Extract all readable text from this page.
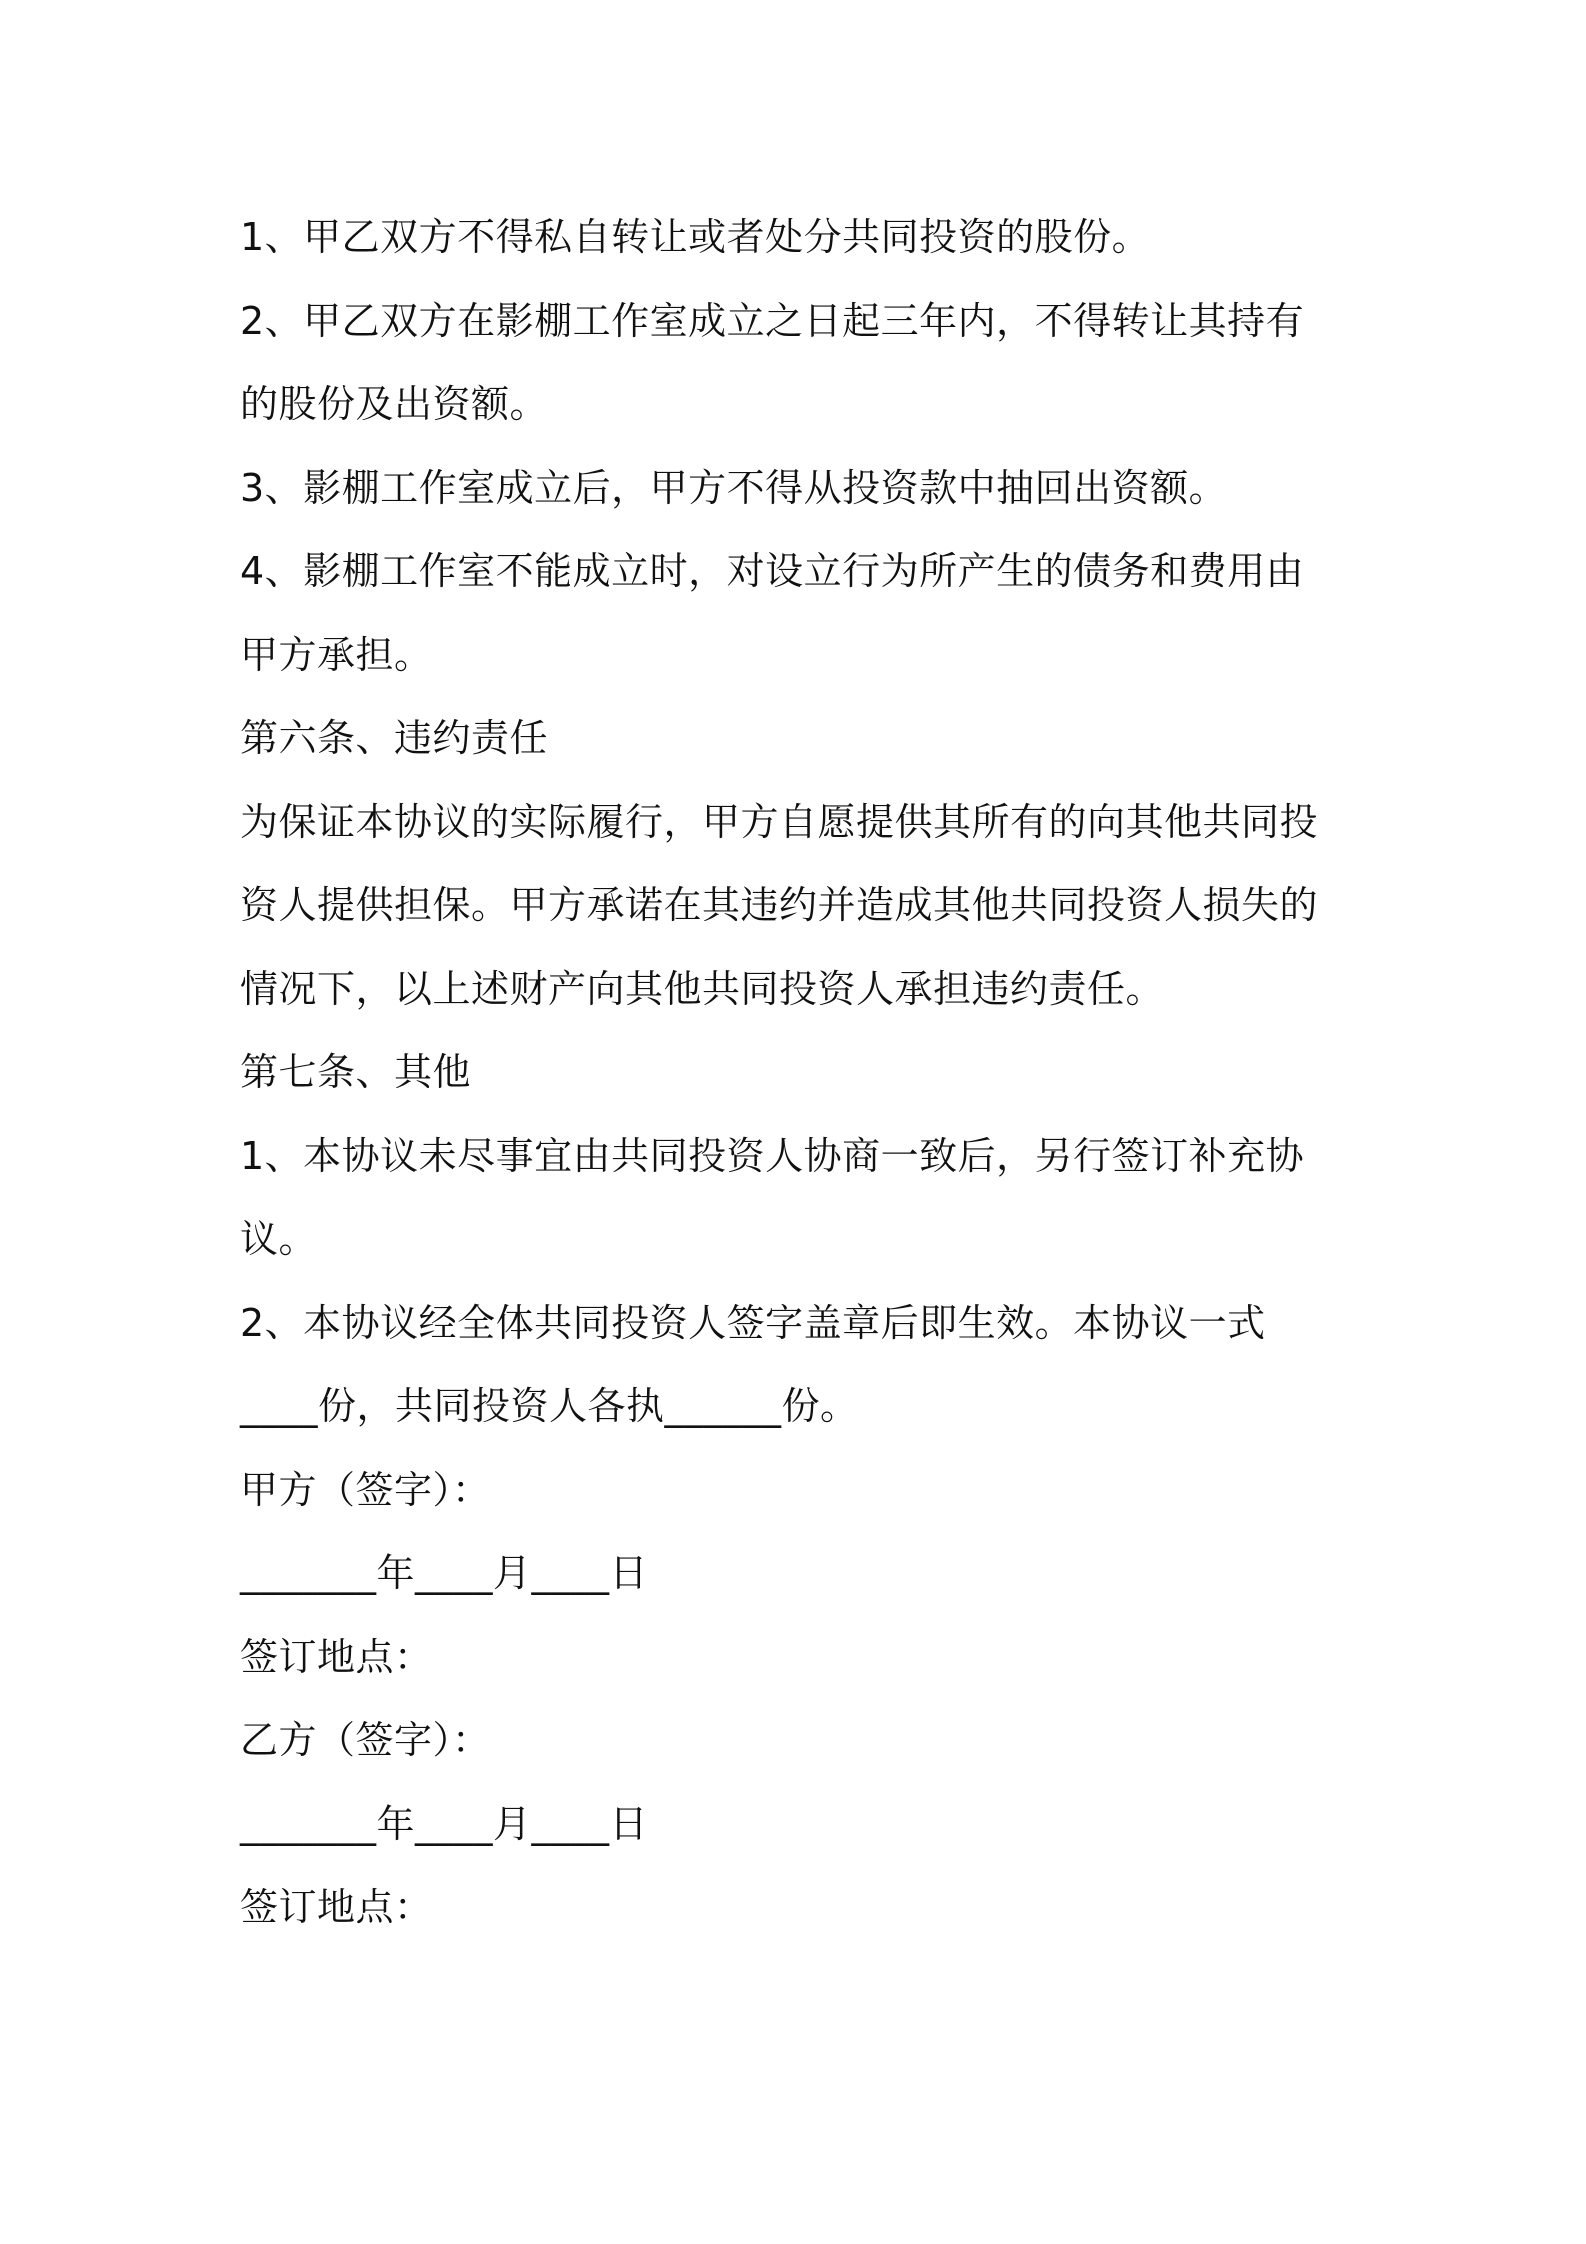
1、甲乙双方不得私自转让或者处分共同投资的股份。

2、甲乙双方在影棚工作室成立之日起三年内，不得转让其持有

的股份及出资额。

3、影棚工作室成立后，甲方不得从投资款中抽回出资额。

4、影棚工作室不能成立时，对设立行为所产生的债务和费用由

甲方承担。

第六条、违约责任

为保证本协议的实际履行，甲方自愿提供其所有的向其他共同投

资人提供担保。甲方承诺在其违约并造成其他共同投资人损失的

情况下，以上述财产向其他共同投资人承担违约责任。

第七条、其他

1、本协议未尽事宜由共同投资人协商一致后，另行签订补充协

议。

2、本协议经全体共同投资人签字盖章后即生效。本协议一式

____份，共同投资人各执______份。

甲方（签字）：

_______年____月____日

签订地点：

乙方（签字）：

_______年____月____日

签订地点：
